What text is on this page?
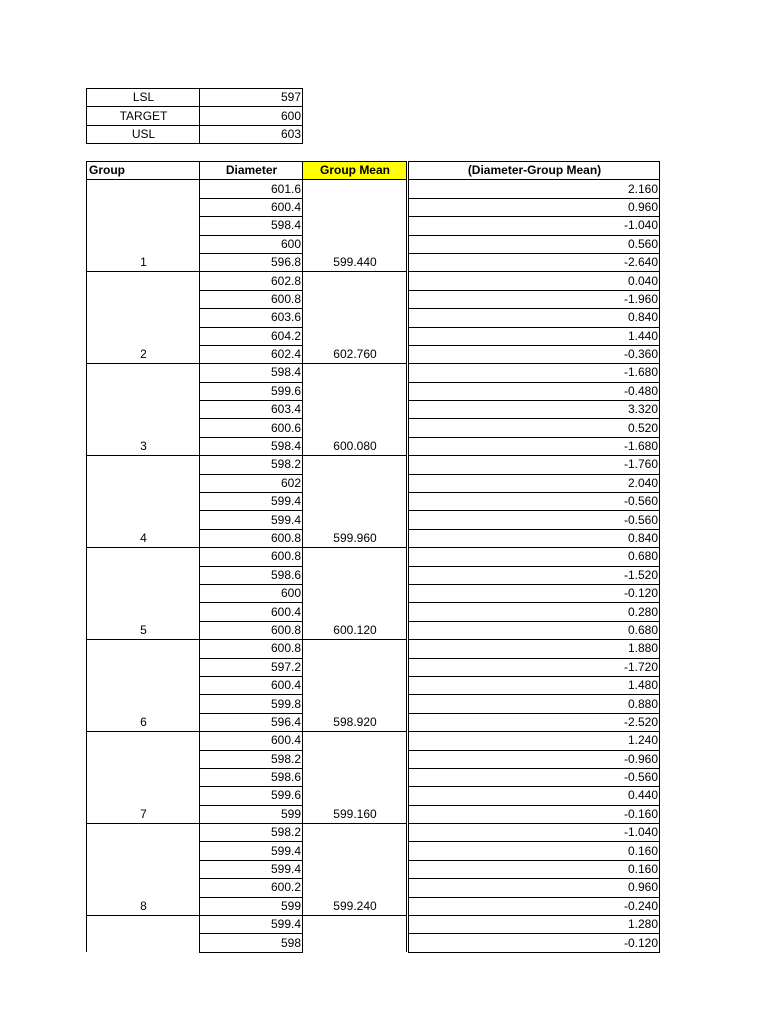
LSL	597
TARGET	600
USL	603
Group	Diameter	Group Mean		(Diameter-Group Mean)
	601.6			2.160
	600.4			0.960
	598.4			-1.040
	600			0.560
1	596.8	599.440		-2.640
	602.8			0.040
	600.8			-1.960
	603.6			0.840
	604.2			1.440
2	602.4	602.760		-0.360
	598.4			-1.680
	599.6			-0.480
	603.4			3.320
	600.6			0.520
3	598.4	600.080		-1.680
	598.2			-1.760
	602			2.040
	599.4			-0.560
	599.4			-0.560
4	600.8	599.960		0.840
	600.8			0.680
	598.6			-1.520
	600			-0.120
	600.4			0.280
5	600.8	600.120		0.680
	600.8			1.880
	597.2			-1.720
	600.4			1.480
	599.8			0.880
6	596.4	598.920		-2.520
	600.4			1.240
	598.2			-0.960
	598.6			-0.560
	599.6			0.440
7	599	599.160		-0.160
	598.2			-1.040
	599.4			0.160
	599.4			0.160
	600.2			0.960
8	599	599.240		-0.240
	599.4			1.280
	598			-0.120
